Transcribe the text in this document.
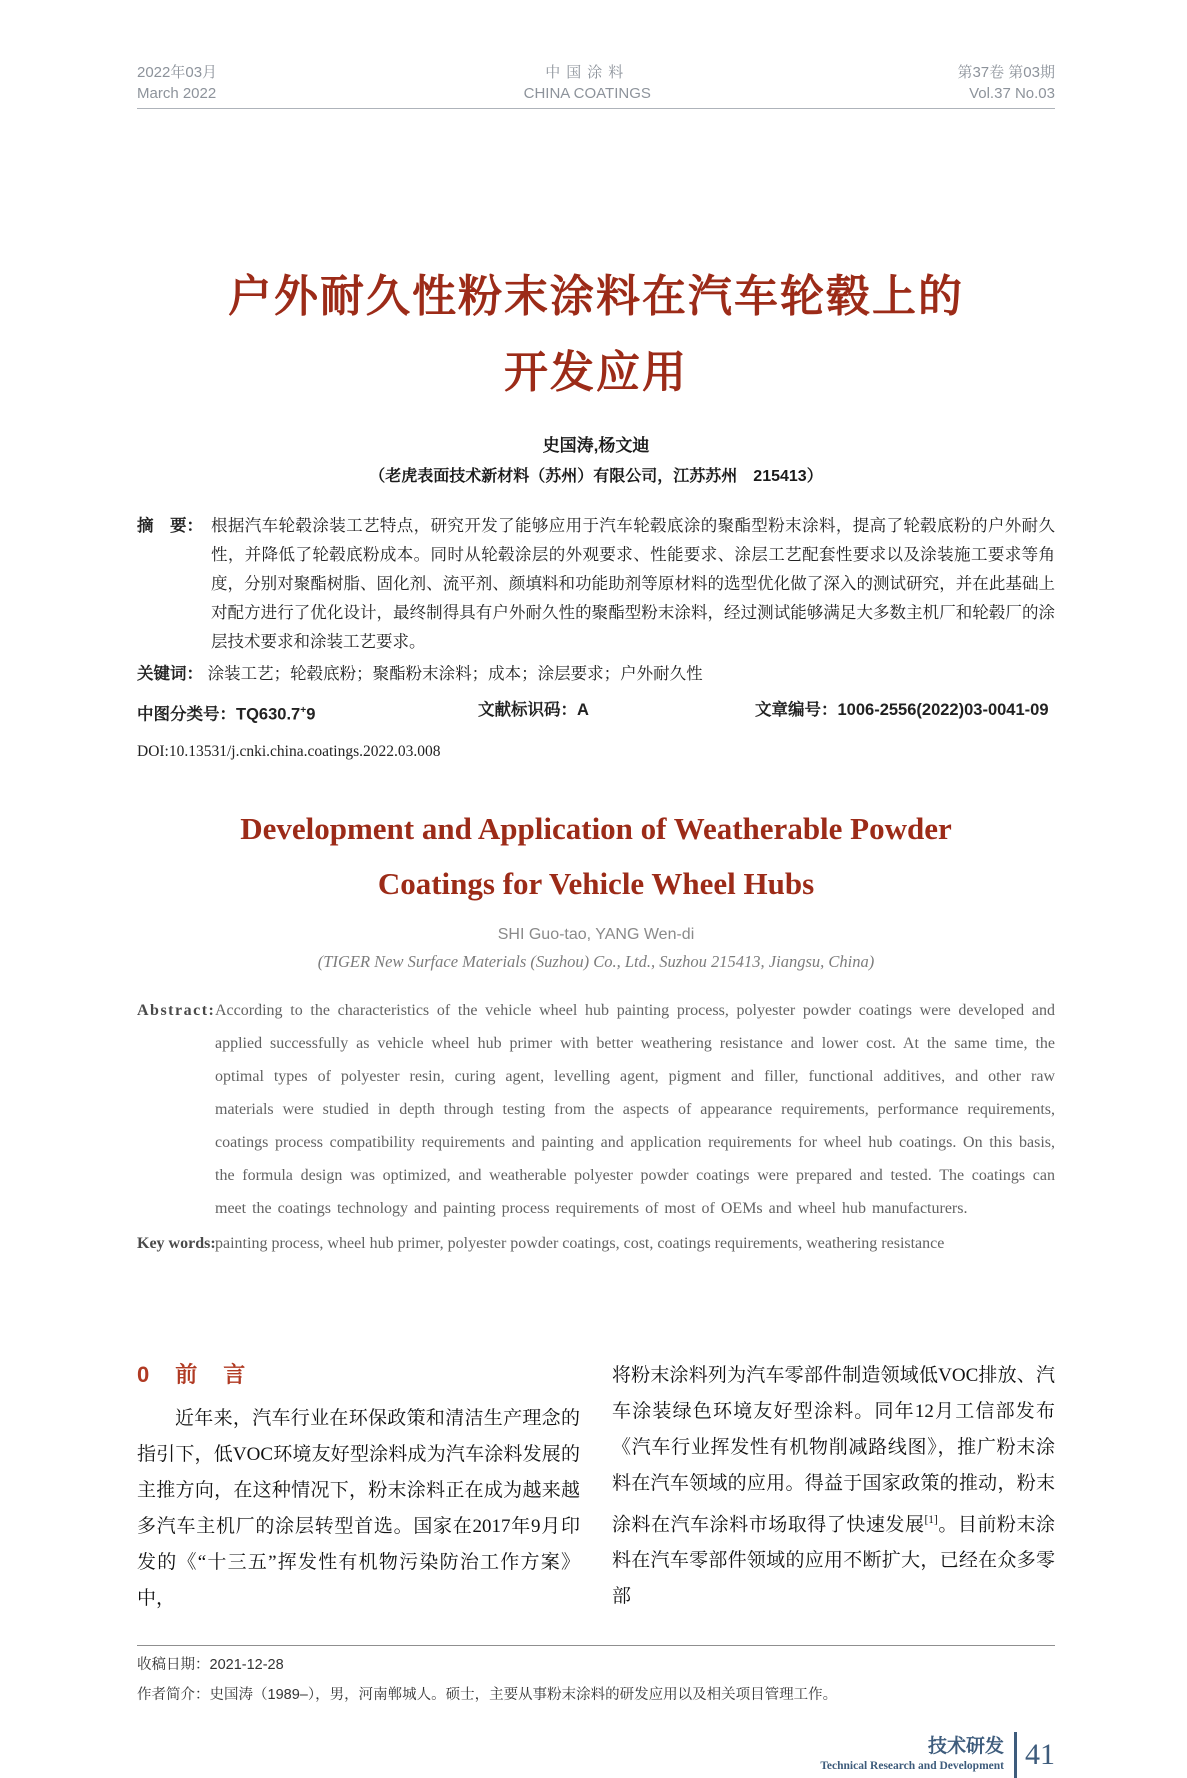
2022年03月
March 2022
中国涂料
CHINA COATINGS
第37卷 第03期
Vol.37 No.03
户外耐久性粉末涂料在汽车轮毂上的
开发应用
史国涛,杨文迪
（老虎表面技术新材料（苏州）有限公司，江苏苏州　215413）
摘　要： 根据汽车轮毂涂装工艺特点，研究开发了能够应用于汽车轮毂底涂的聚酯型粉末涂料，提高了轮毂底粉的户外耐久性，并降低了轮毂底粉成本。同时从轮毂涂层的外观要求、性能要求、涂层工艺配套性要求以及涂装施工要求等角度，分别对聚酯树脂、固化剂、流平剂、颜填料和功能助剂等原材料的选型优化做了深入的测试研究，并在此基础上对配方进行了优化设计，最终制得具有户外耐久性的聚酯型粉末涂料，经过测试能够满足大多数主机厂和轮毂厂的涂层技术要求和涂装工艺要求。
关键词： 涂装工艺；轮毂底粉；聚酯粉末涂料；成本；涂层要求；户外耐久性
中图分类号：TQ630.7+9	文献标识码：A	文章编号：1006-2556(2022)03-0041-09
DOI:10.13531/j.cnki.china.coatings.2022.03.008
Development and Application of Weatherable Powder
Coatings for Vehicle Wheel Hubs
SHI Guo-tao, YANG Wen-di
(TIGER New Surface Materials (Suzhou) Co., Ltd., Suzhou 215413, Jiangsu, China)
Abstract: According to the characteristics of the vehicle wheel hub painting process, polyester powder coatings were developed and applied successfully as vehicle wheel hub primer with better weathering resistance and lower cost. At the same time, the optimal types of polyester resin, curing agent, levelling agent, pigment and filler, functional additives, and other raw materials were studied in depth through testing from the aspects of appearance requirements, performance requirements, coatings process compatibility requirements and painting and application requirements for wheel hub coatings. On this basis, the formula design was optimized, and weatherable polyester powder coatings were prepared and tested. The coatings can meet the coatings technology and painting process requirements of most of OEMs and wheel hub manufacturers.
Key words: painting process, wheel hub primer, polyester powder coatings, cost, coatings requirements, weathering resistance
0　前　言

近年来，汽车行业在环保政策和清洁生产理念的指引下，低VOC环境友好型涂料成为汽车涂料发展的主推方向，在这种情况下，粉末涂料正在成为越来越多汽车主机厂的涂层转型首选。国家在2017年9月印发的《“十三五”挥发性有机物污染防治工作方案》中，

将粉末涂料列为汽车零部件制造领域低VOC排放、汽车涂装绿色环境友好型涂料。同年12月工信部发布《汽车行业挥发性有机物削减路线图》，推广粉末涂料在汽车领域的应用。得益于国家政策的推动，粉末涂料在汽车涂料市场取得了快速发展[1]。目前粉末涂料在汽车零部件领域的应用不断扩大，已经在众多零部

收稿日期：2021-12-28
作者简介：史国涛（1989–），男，河南郸城人。硕士，主要从事粉末涂料的研发应用以及相关项目管理工作。
技术研发
Technical Research and Development 41
